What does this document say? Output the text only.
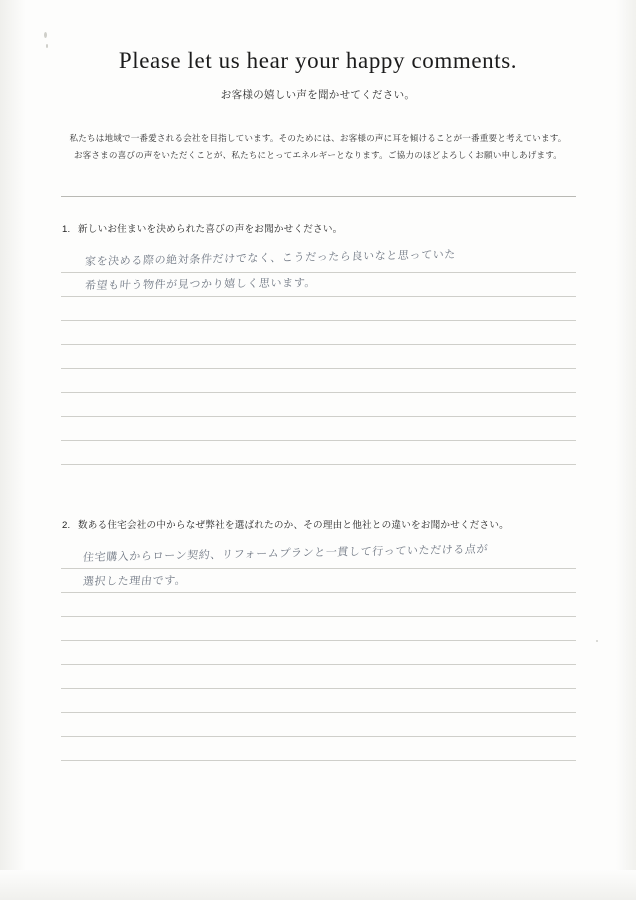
Please let us hear your happy comments.
お客様の嬉しい声を聞かせてください。
私たちは地域で一番愛される会社を目指しています。そのためには、お客様の声に耳を傾けることが一番重要と考えています。
お客さまの喜びの声をいただくことが、私たちにとってエネルギーとなります。ご協力のほどよろしくお願い申しあげます。
1. 新しいお住まいを決められた喜びの声をお聞かせください。
家を決める際の絶対条件だけでなく、こうだったら良いなと思っていた
希望も叶う物件が見つかり嬉しく思います。
2. 数ある住宅会社の中からなぜ弊社を選ばれたのか、その理由と他社との違いをお聞かせください。
住宅購入からローン契約、リフォームプランと一貫して行っていただける点が
選択した理由です。
